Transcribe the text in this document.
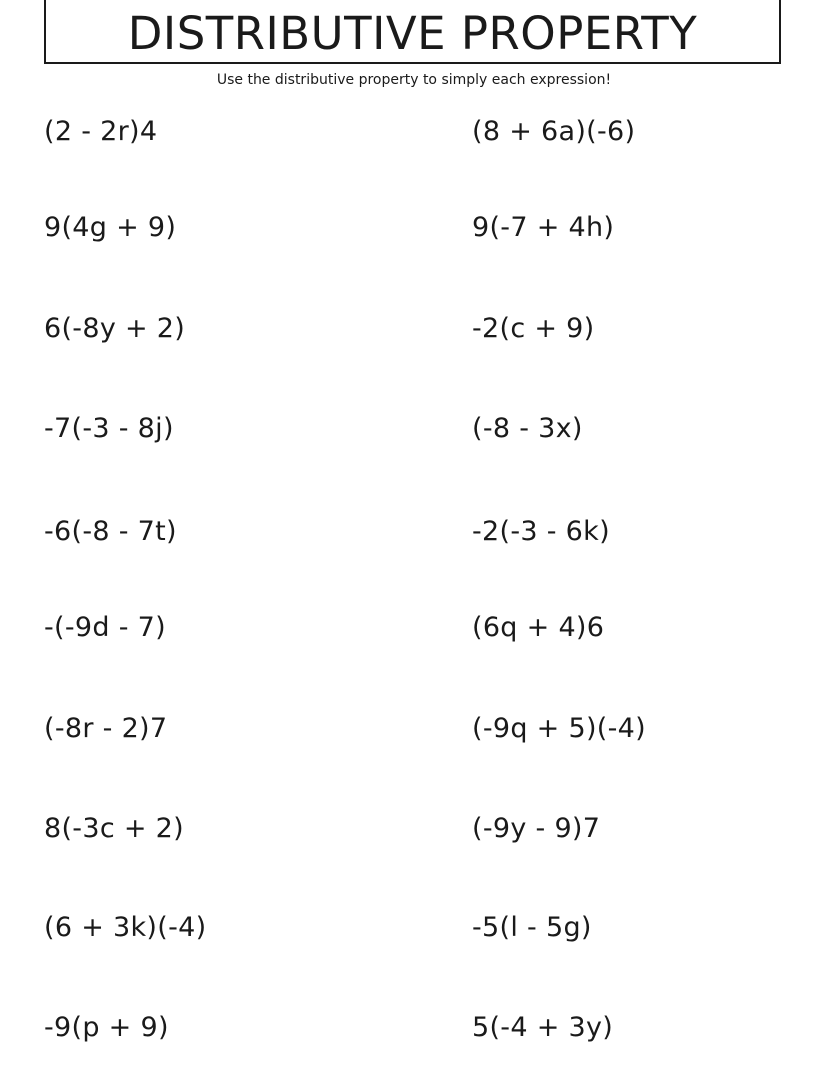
DISTRIBUTIVE PROPERTY
Use the distributive property to simply each expression!
(2 - 2r)4	(8 + 6a)(-6)
9(4g + 9)	9(-7 + 4h)
6(-8y + 2)	-2(c + 9)
-7(-3 - 8j)	(-8 - 3x)
-6(-8 - 7t)	-2(-3 - 6k)
-(-9d - 7)	(6q + 4)6
(-8r - 2)7	(-9q + 5)(-4)
8(-3c + 2)	(-9y - 9)7
(6 + 3k)(-4)	-5(l - 5g)
-9(p + 9)	5(-4 + 3y)
